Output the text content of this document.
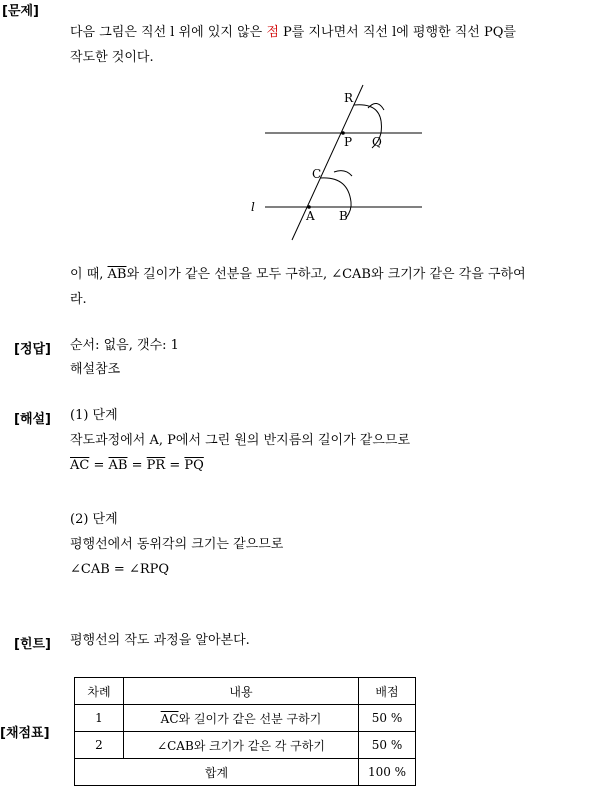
[문제]
다음 그림은 직선 l 위에 있지 않은 점 P를 지나면서 직선 l에 평행한 직선 PQ를
작도한 것이다.
R
P Q
C
A B
l
이 때, $\overline{AB}$와 길이가 같은 선분을 모두 구하고, ∠CAB와 크기가 같은 각을 구하여
라.
[정답] 순서: 없음, 갯수: 1
해설참조
[해설] (1) 단계
작도과정에서 A, P에서 그린 원의 반지름의 길이가 같으므로
$\overline{AC} = \overline{AB} = \overline{PR} = \overline{PQ}$
(2) 단계
평행선에서 동위각의 크기는 같으므로
∠CAB = ∠RPQ
[힌트] 평행선의 작도 과정을 알아본다.
[채점표]
차례	내용	배점
1	$\overline{AC}$와 길이가 같은 선분 구하기	50 %
2	∠CAB와 크기가 같은 각 구하기	50 %
합계		100 %
